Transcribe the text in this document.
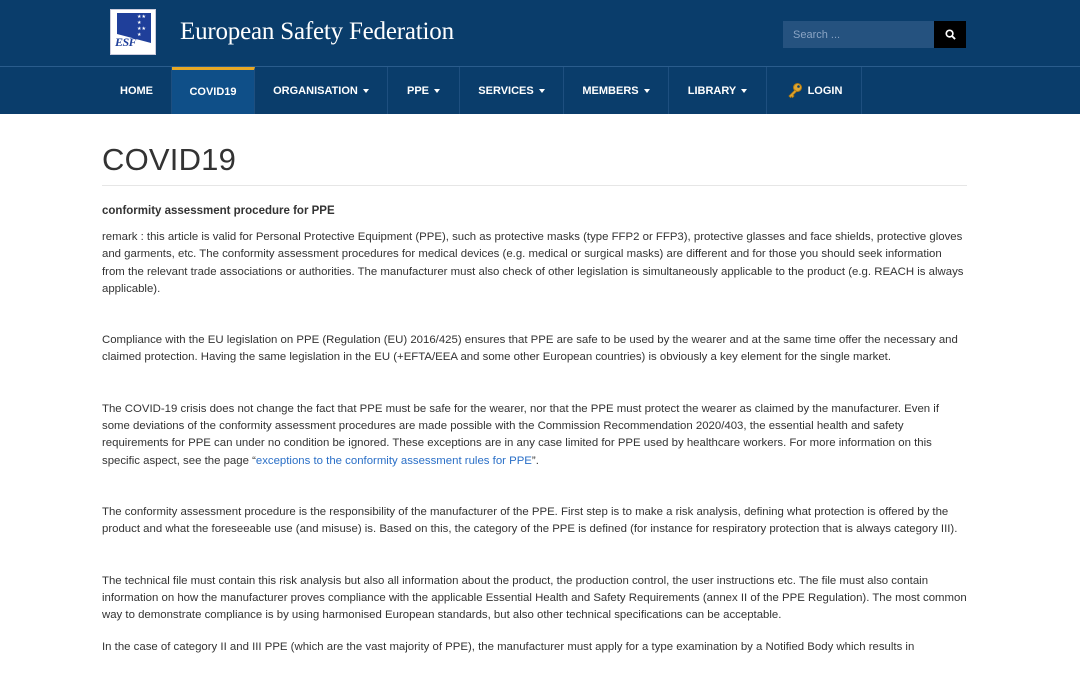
★★ ★ ★★ ★
ESF European Safety Federation
Search ...
HOME	COVID19	ORGANISATION	PPE	SERVICES	MEMBERS	LIBRARY	LOGIN
COVID19
conformity assessment procedure for PPE

remark : this article is valid for Personal Protective Equipment (PPE), such as protective masks (type FFP2 or FFP3), protective glasses and face shields, protective gloves and garments, etc. The conformity assessment procedures for medical devices (e.g. medical or surgical masks) are different and for those you should seek information from the relevant trade associations or authorities. The manufacturer must also check of other legislation is simultaneously applicable to the product (e.g. REACH is always applicable).

Compliance with the EU legislation on PPE (Regulation (EU) 2016/425) ensures that PPE are safe to be used by the wearer and at the same time offer the necessary and claimed protection. Having the same legislation in the EU (+EFTA/EEA and some other European countries) is obviously a key element for the single market.

The COVID-19 crisis does not change the fact that PPE must be safe for the wearer, nor that the PPE must protect the wearer as claimed by the manufacturer. Even if some deviations of the conformity assessment procedures are made possible with the Commission Recommendation 2020/403, the essential health and safety requirements for PPE can under no condition be ignored. These exceptions are in any case limited for PPE used by healthcare workers. For more information on this specific aspect, see the page “exceptions to the conformity assessment rules for PPE”.

The conformity assessment procedure is the responsibility of the manufacturer of the PPE. First step is to make a risk analysis, defining what protection is offered by the product and what the foreseeable use (and misuse) is. Based on this, the category of the PPE is defined (for instance for respiratory protection that is always category III).

The technical file must contain this risk analysis but also all information about the product, the production control, the user instructions etc. The file must also contain information on how the manufacturer proves compliance with the applicable Essential Health and Safety Requirements (annex II of the PPE Regulation). The most common way to demonstrate compliance is by using harmonised European standards, but also other technical specifications can be acceptable.

In the case of category II and III PPE (which are the vast majority of PPE), the manufacturer must apply for a type examination by a Notified Body which results in
